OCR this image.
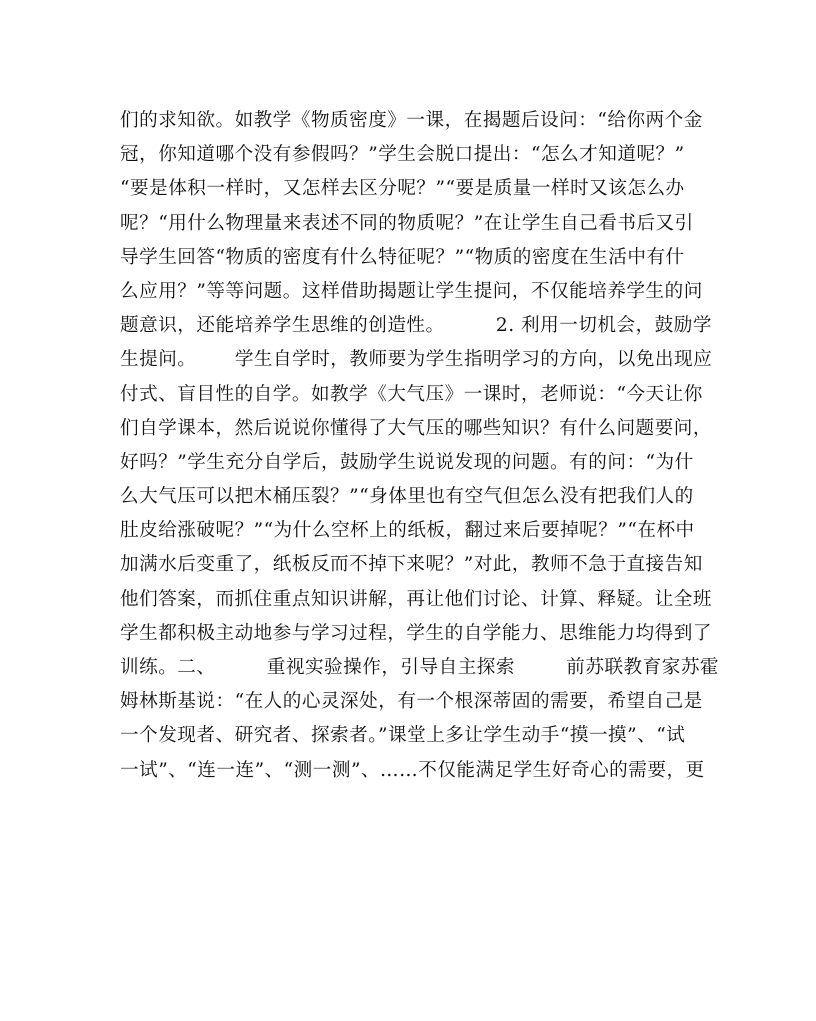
们的求知欲。如教学《物质密度》一课，在揭题后设问：“给你两个金
冠，你知道哪个没有参假吗？”学生会脱口提出：“怎么才知道呢？”
“要是体积一样时，又怎样去区分呢？”“要是质量一样时又该怎么办
呢？“用什么物理量来表述不同的物质呢？”在让学生自己看书后又引
导学生回答“物质的密度有什么特征呢？”“物质的密度在生活中有什
么应用？”等等问题。这样借助揭题让学生提问，不仅能培养学生的问
题意识，还能培养学生思维的创造性。        2. 利用一切机会，鼓励学
生提问。      学生自学时，教师要为学生指明学习的方向，以免出现应
付式、盲目性的自学。如教学《大气压》一课时，老师说：“今天让你
们自学课本，然后说说你懂得了大气压的哪些知识？有什么问题要问，
好吗？”学生充分自学后，鼓励学生说说发现的问题。有的问：“为什
么大气压可以把木桶压裂？”“身体里也有空气但怎么没有把我们人的
肚皮给涨破呢？”“为什么空杯上的纸板，翻过来后要掉呢？”“在杯中
加满水后变重了，纸板反而不掉下来呢？”对此，教师不急于直接告知
他们答案，而抓住重点知识讲解，再让他们讨论、计算、释疑。让全班
学生都积极主动地参与学习过程，学生的自学能力、思维能力均得到了
训练。二、        重视实验操作，引导自主探索        前苏联教育家苏霍
姆林斯基说：“在人的心灵深处，有一个根深蒂固的需要，希望自己是
一个发现者、研究者、探索者。”课堂上多让学生动手“摸一摸”、“试
一试”、“连一连”、“测一测”、……不仅能满足学生好奇心的需要，更
